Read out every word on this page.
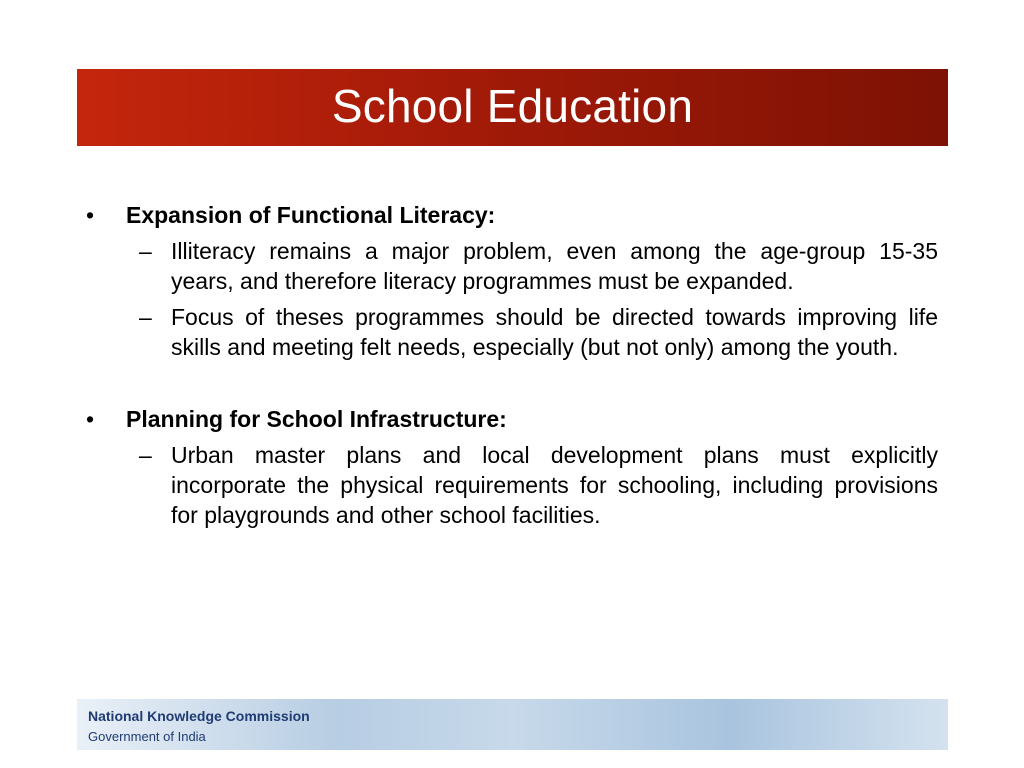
School Education
•	Expansion of Functional Literacy:
– Illiteracy remains a major problem, even among the age-group 15-35 years, and therefore literacy programmes must be expanded.
– Focus of theses programmes should be directed towards improving life skills and meeting felt needs, especially (but not only) among the youth.
•	Planning for School Infrastructure:
– Urban master plans and local development plans must explicitly incorporate the physical requirements for schooling, including provisions for playgrounds and other school facilities.
National Knowledge Commission
Government of India
